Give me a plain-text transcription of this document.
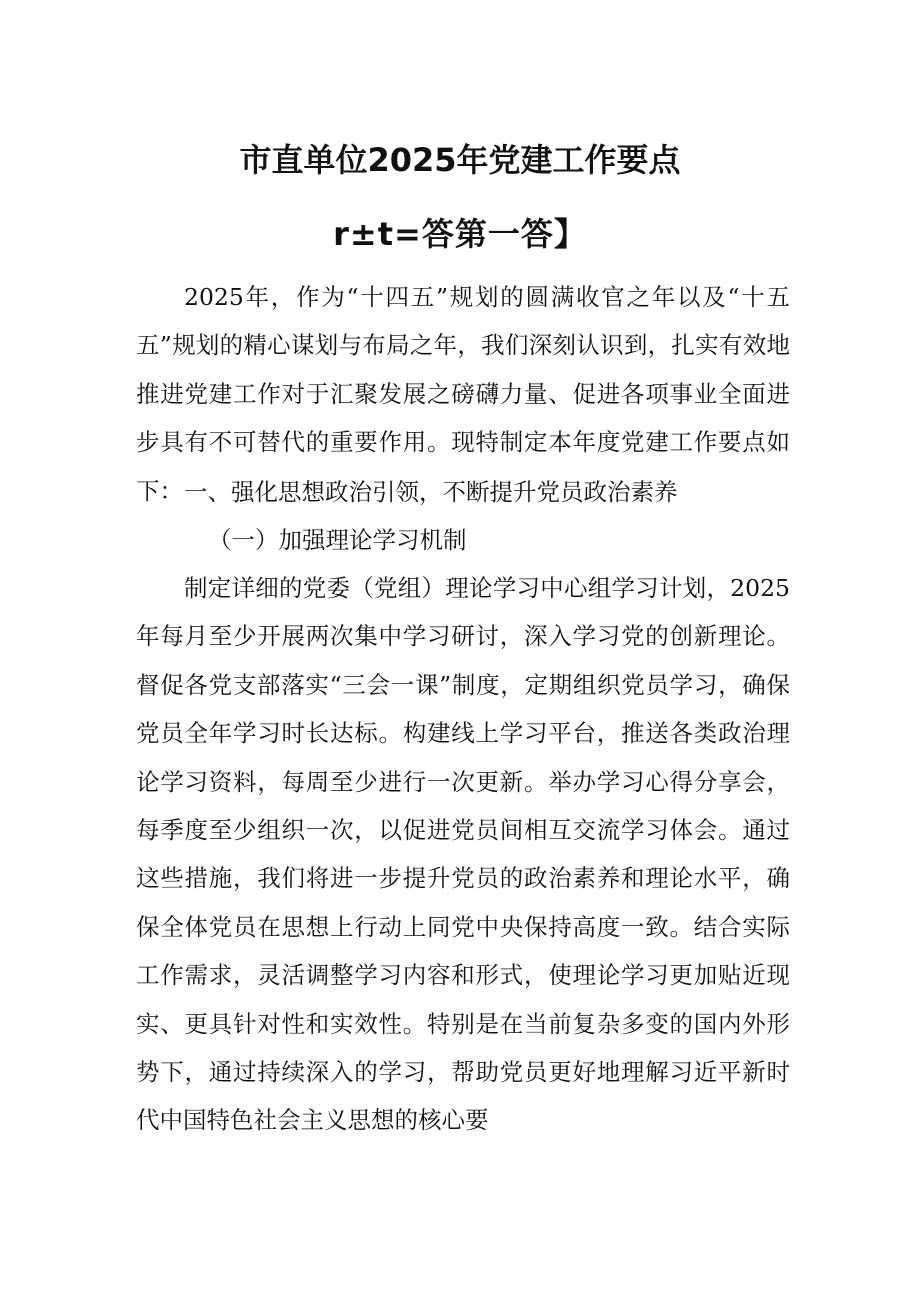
市直单位2025年党建工作要点
r±t=答第一答】

2025年，作为“十四五”规划的圆满收官之年以及“十五五”规划的精心谋划与布局之年，我们深刻认识到，扎实有效地推进党建工作对于汇聚发展之磅礴力量、促进各项事业全面进步具有不可替代的重要作用。现特制定本年度党建工作要点如下： 一、强化思想政治引领，不断提升党员政治素养

（一）加强理论学习机制

制定详细的党委（党组）理论学习中心组学习计划，2025年每月至少开展两次集中学习研讨，深入学习党的创新理论。督促各党支部落实“三会一课”制度，定期组织党员学习，确保党员全年学习时长达标。构建线上学习平台，推送各类政治理论学习资料，每周至少进行一次更新。举办学习心得分享会，每季度至少组织一次，以促进党员间相互交流学习体会。通过这些措施，我们将进一步提升党员的政治素养和理论水平，确保全体党员在思想上行动上同党中央保持高度一致。结合实际工作需求，灵活调整学习内容和形式，使理论学习更加贴近现实、更具针对性和实效性。特别是在当前复杂多变的国内外形势下，通过持续深入的学习，帮助党员更好地理解习近平新时代中国特色社会主义思想的核心要
